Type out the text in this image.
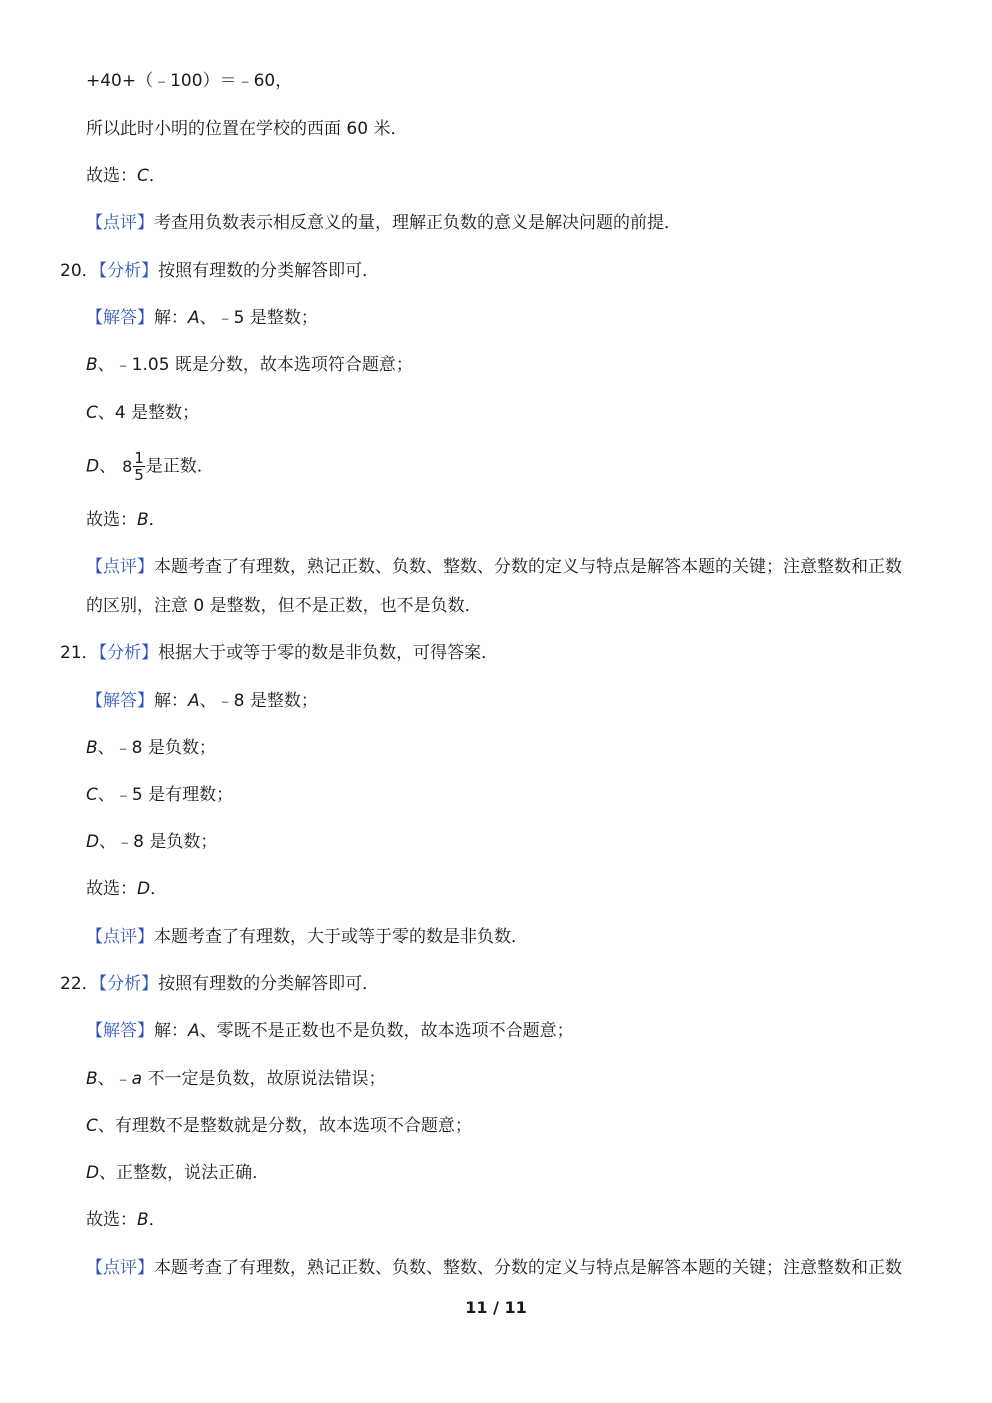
+40+（﹣100）＝﹣60，
所以此时小明的位置在学校的西面 60 米．
故选：C．
【点评】考查用负数表示相反意义的量，理解正负数的意义是解决问题的前提．
20．【分析】按照有理数的分类解答即可．
【解答】解：A、﹣5 是整数；
B、﹣1.05 既是分数，故本选项符合题意；
C、4 是整数；
D、 $8 \frac{1}{5}$ 是正数．
故选：B．
【点评】本题考查了有理数，熟记正数、负数、整数、分数的定义与特点是解答本题的关键；注意整数和正数
的区别，注意 0 是整数，但不是正数，也不是负数．
21．【分析】根据大于或等于零的数是非负数，可得答案．
【解答】解：A、﹣8 是整数；
B、﹣8 是负数；
C、﹣5 是有理数；
D、﹣8 是负数；
故选：D．
【点评】本题考查了有理数，大于或等于零的数是非负数．
22．【分析】按照有理数的分类解答即可．
【解答】解：A、零既不是正数也不是负数，故本选项不合题意；
B、﹣a 不一定是负数，故原说法错误；
C、有理数不是整数就是分数，故本选项不合题意；
D、正整数，说法正确．
故选：B．
【点评】本题考查了有理数，熟记正数、负数、整数、分数的定义与特点是解答本题的关键；注意整数和正数
11 / 11
